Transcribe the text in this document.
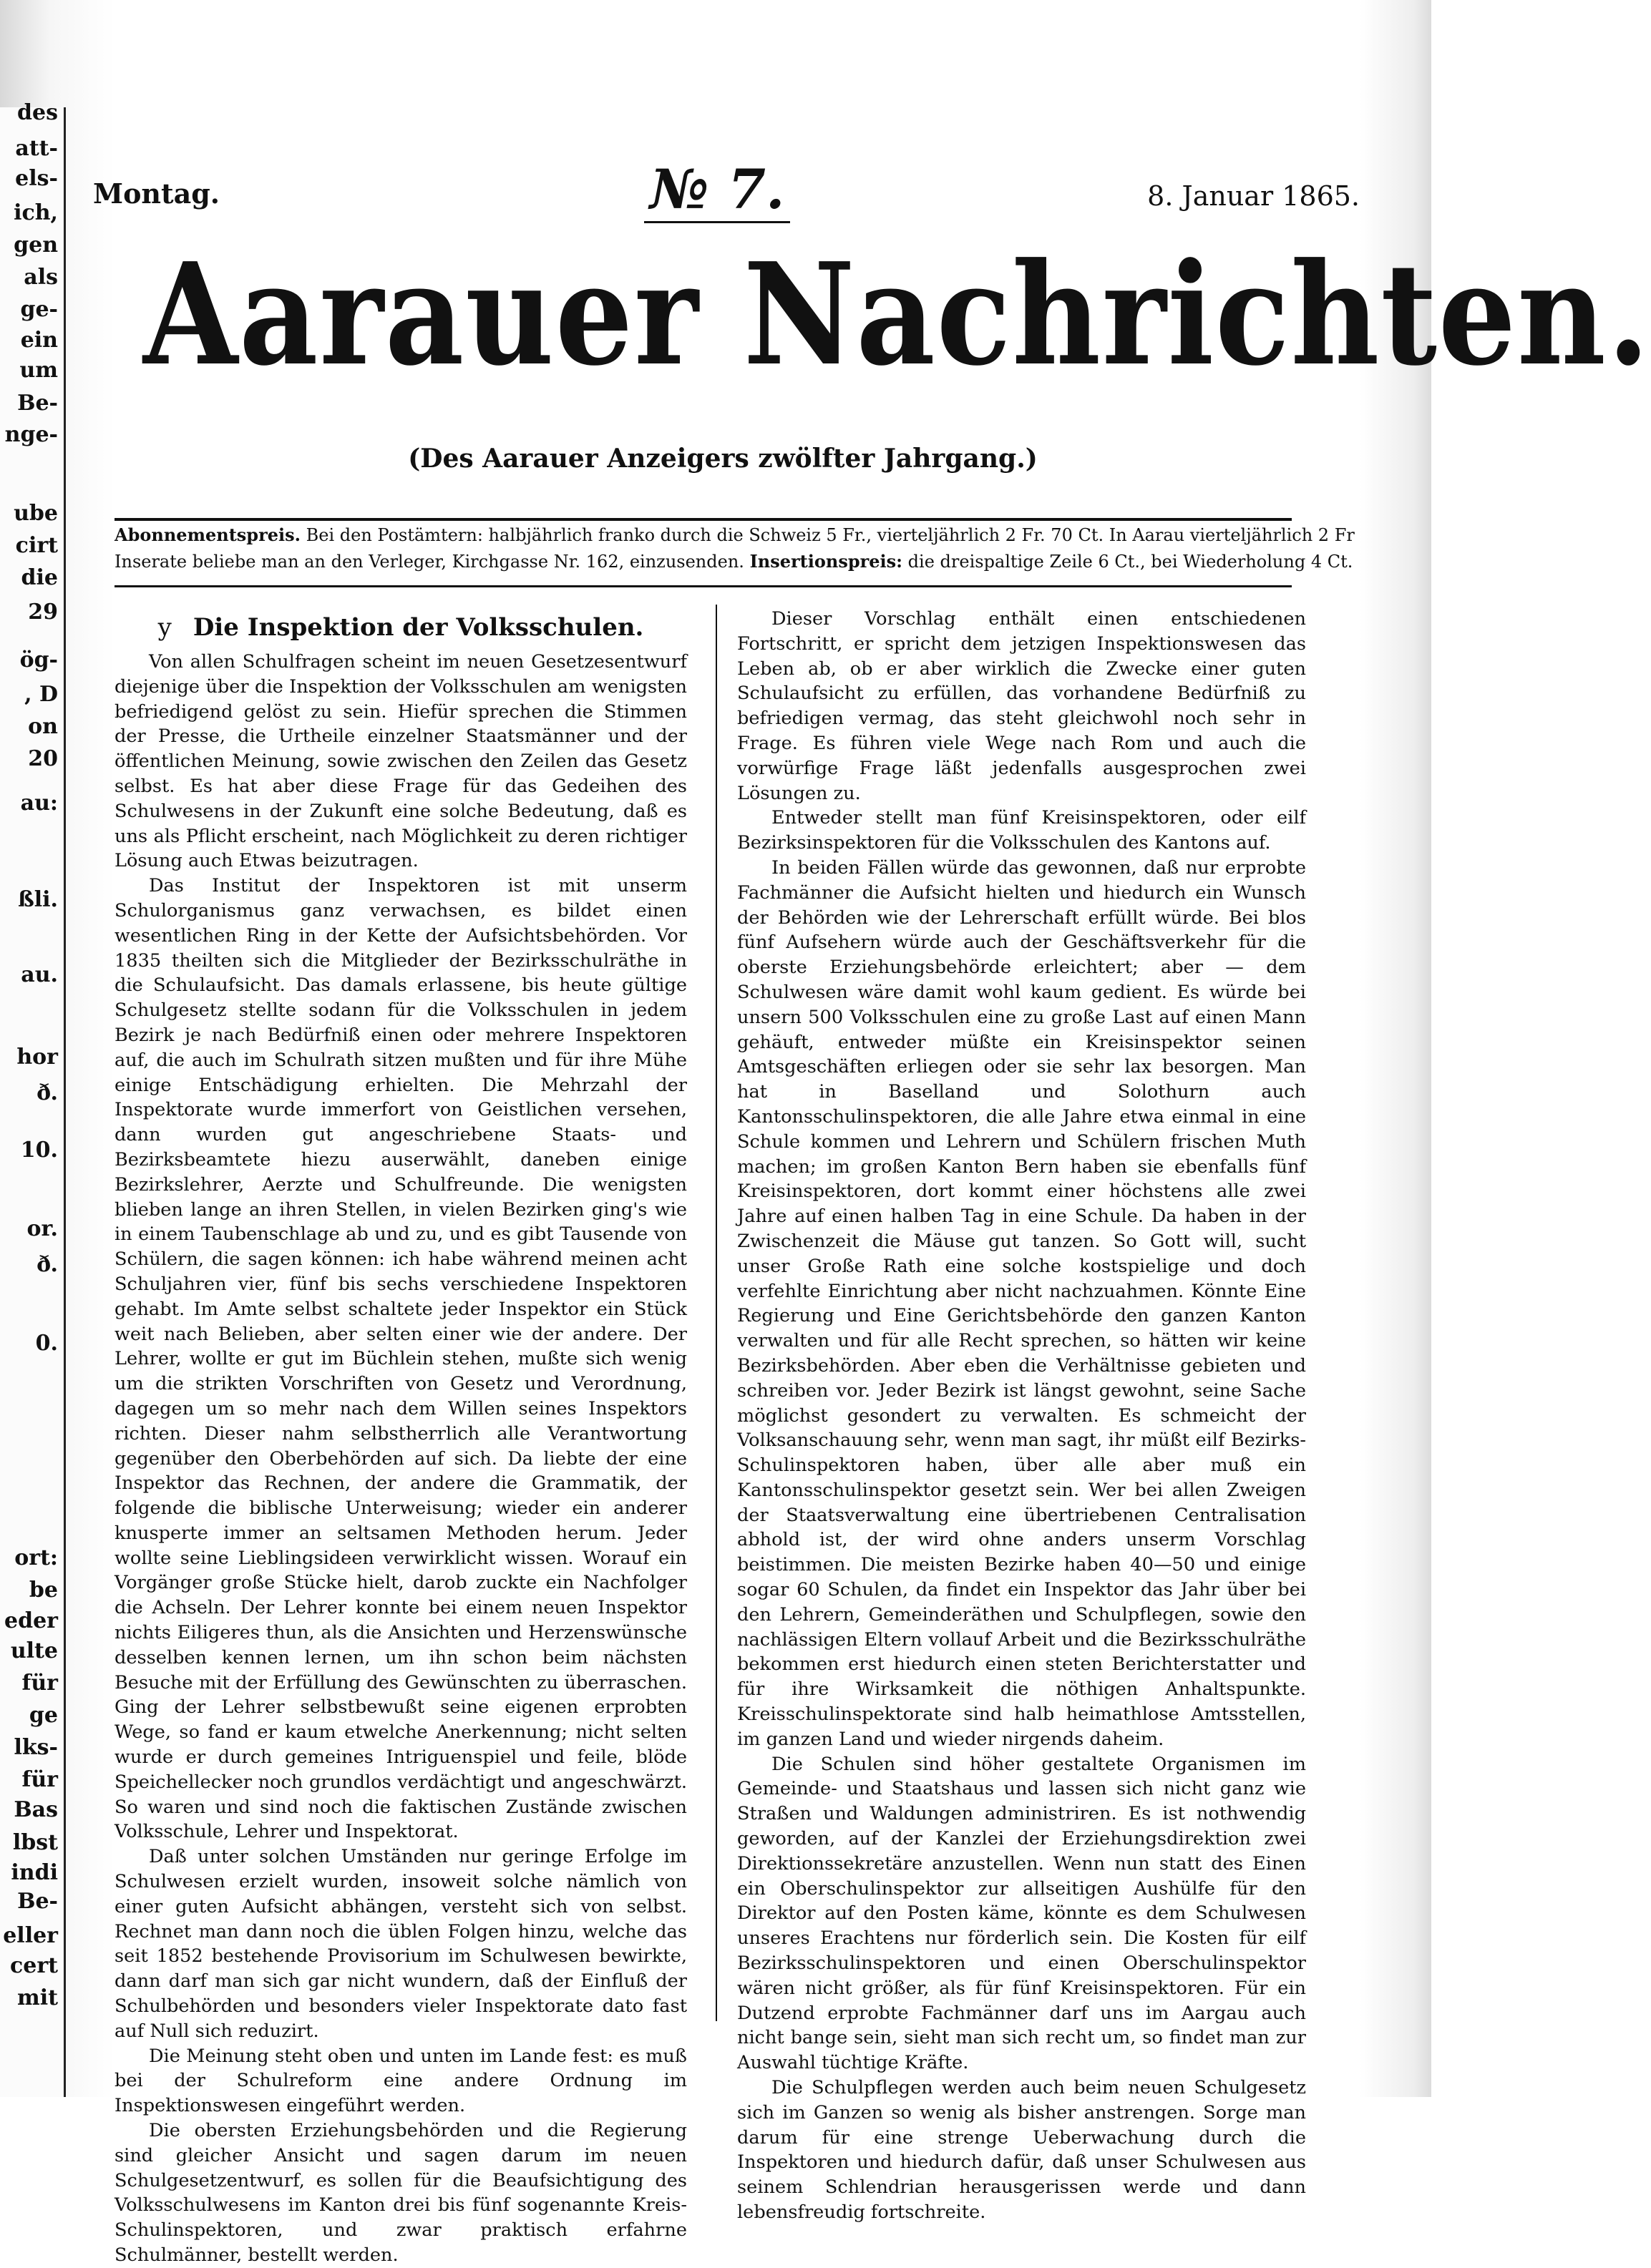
des
att-
els-
ich,
gen
als
ge-
ein
um
Be-
nge-
ube
cirt
die
29
ög-
, D
on
20
au:
ßli.
au.
hor
ð.
10.
or.
ð.
0.
ort:
be
eder
ulte
für
ge
lks-
für
Bas
lbst
indi
Be-
eller
cert
mit
Montag.	№ 7.	8. Januar 1865.
Aarauer Nachrichten.
(Des Aarauer Anzeigers zwölfter Jahrgang.)
Abonnementspreis. Bei den Postämtern: halbjährlich franko durch die Schweiz 5 Fr., vierteljährlich 2 Fr. 70 Ct. In Aarau vierteljährlich 2 Fr
Inserate beliebe man an den Verleger, Kirchgasse Nr. 162, einzusenden. Insertionspreis: die dreispaltige Zeile 6 Ct., bei Wiederholung 4 Ct.
y Die Inspektion der Volksschulen.

Von allen Schulfragen scheint im neuen Gesetzesentwurf diejenige über die Inspektion der Volksschulen am wenigsten befriedigend gelöst zu sein. Hiefür sprechen die Stimmen der Presse, die Urtheile einzelner Staatsmänner und der öffentlichen Meinung, sowie zwischen den Zeilen das Gesetz selbst. Es hat aber diese Frage für das Gedeihen des Schulwesens in der Zukunft eine solche Bedeutung, daß es uns als Pflicht erscheint, nach Möglichkeit zu deren richtiger Lösung auch Etwas beizutragen.

Das Institut der Inspektoren ist mit unserm Schulorganismus ganz verwachsen, es bildet einen wesentlichen Ring in der Kette der Aufsichtsbehörden. Vor 1835 theilten sich die Mitglieder der Bezirksschulräthe in die Schulaufsicht. Das damals erlassene, bis heute gültige Schulgesetz stellte sodann für die Volksschulen in jedem Bezirk je nach Bedürfniß einen oder mehrere Inspektoren auf, die auch im Schulrath sitzen mußten und für ihre Mühe einige Entschädigung erhielten. Die Mehrzahl der Inspektorate wurde immerfort von Geistlichen versehen, dann wurden gut angeschriebene Staats- und Bezirksbeamtete hiezu auserwählt, daneben einige Bezirkslehrer, Aerzte und Schulfreunde. Die wenigsten blieben lange an ihren Stellen, in vielen Bezirken ging's wie in einem Taubenschlage ab und zu, und es gibt Tausende von Schülern, die sagen können: ich habe während meinen acht Schuljahren vier, fünf bis sechs verschiedene Inspektoren gehabt. Im Amte selbst schaltete jeder Inspektor ein Stück weit nach Belieben, aber selten einer wie der andere. Der Lehrer, wollte er gut im Büchlein stehen, mußte sich wenig um die strikten Vorschriften von Gesetz und Verordnung, dagegen um so mehr nach dem Willen seines Inspektors richten. Dieser nahm selbstherrlich alle Verantwortung gegenüber den Oberbehörden auf sich. Da liebte der eine Inspektor das Rechnen, der andere die Grammatik, der folgende die biblische Unterweisung; wieder ein anderer knusperte immer an seltsamen Methoden herum. Jeder wollte seine Lieblingsideen verwirklicht wissen. Worauf ein Vorgänger große Stücke hielt, darob zuckte ein Nachfolger die Achseln. Der Lehrer konnte bei einem neuen Inspektor nichts Eiligeres thun, als die Ansichten und Herzenswünsche desselben kennen lernen, um ihn schon beim nächsten Besuche mit der Erfüllung des Gewünschten zu überraschen. Ging der Lehrer selbstbewußt seine eigenen erprobten Wege, so fand er kaum etwelche Anerkennung; nicht selten wurde er durch gemeines Intriguenspiel und feile, blöde Speichellecker noch grundlos verdächtigt und angeschwärzt. So waren und sind noch die faktischen Zustände zwischen Volksschule, Lehrer und Inspektorat.

Daß unter solchen Umständen nur geringe Erfolge im Schulwesen erzielt wurden, insoweit solche nämlich von einer guten Aufsicht abhängen, versteht sich von selbst. Rechnet man dann noch die üblen Folgen hinzu, welche das seit 1852 bestehende Provisorium im Schulwesen bewirkte, dann darf man sich gar nicht wundern, daß der Einfluß der Schulbehörden und besonders vieler Inspektorate dato fast auf Null sich reduzirt.

Die Meinung steht oben und unten im Lande fest: es muß bei der Schulreform eine andere Ordnung im Inspektionswesen eingeführt werden.

Die obersten Erziehungsbehörden und die Regierung sind gleicher Ansicht und sagen darum im neuen Schulgesetzentwurf, es sollen für die Beaufsichtigung des Volksschulwesens im Kanton drei bis fünf sogenannte Kreis-Schulinspektoren, und zwar praktisch erfahrne Schulmänner, bestellt werden.

Dieser Vorschlag enthält einen entschiedenen Fortschritt, er spricht dem jetzigen Inspektionswesen das Leben ab, ob er aber wirklich die Zwecke einer guten Schulaufsicht zu erfüllen, das vorhandene Bedürfniß zu befriedigen vermag, das steht gleichwohl noch sehr in Frage. Es führen viele Wege nach Rom und auch die vorwürfige Frage läßt jedenfalls ausgesprochen zwei Lösungen zu.

Entweder stellt man fünf Kreisinspektoren, oder eilf Bezirksinspektoren für die Volksschulen des Kantons auf.

In beiden Fällen würde das gewonnen, daß nur erprobte Fachmänner die Aufsicht hielten und hiedurch ein Wunsch der Behörden wie der Lehrerschaft erfüllt würde. Bei blos fünf Aufsehern würde auch der Geschäftsverkehr für die oberste Erziehungsbehörde erleichtert; aber — dem Schulwesen wäre damit wohl kaum gedient. Es würde bei unsern 500 Volksschulen eine zu große Last auf einen Mann gehäuft, entweder müßte ein Kreisinspektor seinen Amtsgeschäften erliegen oder sie sehr lax besorgen. Man hat in Baselland und Solothurn auch Kantonsschulinspektoren, die alle Jahre etwa einmal in eine Schule kommen und Lehrern und Schülern frischen Muth machen; im großen Kanton Bern haben sie ebenfalls fünf Kreisinspektoren, dort kommt einer höchstens alle zwei Jahre auf einen halben Tag in eine Schule. Da haben in der Zwischenzeit die Mäuse gut tanzen. So Gott will, sucht unser Große Rath eine solche kostspielige und doch verfehlte Einrichtung aber nicht nachzuahmen. Könnte Eine Regierung und Eine Gerichtsbehörde den ganzen Kanton verwalten und für alle Recht sprechen, so hätten wir keine Bezirksbehörden. Aber eben die Verhältnisse gebieten und schreiben vor. Jeder Bezirk ist längst gewohnt, seine Sache möglichst gesondert zu verwalten. Es schmeicht der Volksanschauung sehr, wenn man sagt, ihr müßt eilf Bezirks-Schulinspektoren haben, über alle aber muß ein Kantonsschulinspektor gesetzt sein. Wer bei allen Zweigen der Staatsverwaltung eine übertriebenen Centralisation abhold ist, der wird ohne anders unserm Vorschlag beistimmen. Die meisten Bezirke haben 40—50 und einige sogar 60 Schulen, da findet ein Inspektor das Jahr über bei den Lehrern, Gemeinderäthen und Schulpflegen, sowie den nachlässigen Eltern vollauf Arbeit und die Bezirksschulräthe bekommen erst hiedurch einen steten Berichterstatter und für ihre Wirksamkeit die nöthigen Anhaltspunkte. Kreisschulinspektorate sind halb heimathlose Amtsstellen, im ganzen Land und wieder nirgends daheim.

Die Schulen sind höher gestaltete Organismen im Gemeinde- und Staatshaus und lassen sich nicht ganz wie Straßen und Waldungen administriren. Es ist nothwendig geworden, auf der Kanzlei der Erziehungsdirektion zwei Direktionssekretäre anzustellen. Wenn nun statt des Einen ein Oberschulinspektor zur allseitigen Aushülfe für den Direktor auf den Posten käme, könnte es dem Schulwesen unseres Erachtens nur förderlich sein. Die Kosten für eilf Bezirksschulinspektoren und einen Oberschulinspektor wären nicht größer, als für fünf Kreisinspektoren. Für ein Dutzend erprobte Fachmänner darf uns im Aargau auch nicht bange sein, sieht man sich recht um, so findet man zur Auswahl tüchtige Kräfte.

Die Schulpflegen werden auch beim neuen Schulgesetz sich im Ganzen so wenig als bisher anstrengen. Sorge man darum für eine strenge Ueberwachung durch die Inspektoren und hiedurch dafür, daß unser Schulwesen aus seinem Schlendrian herausgerissen werde und dann lebensfreudig fortschreite.
